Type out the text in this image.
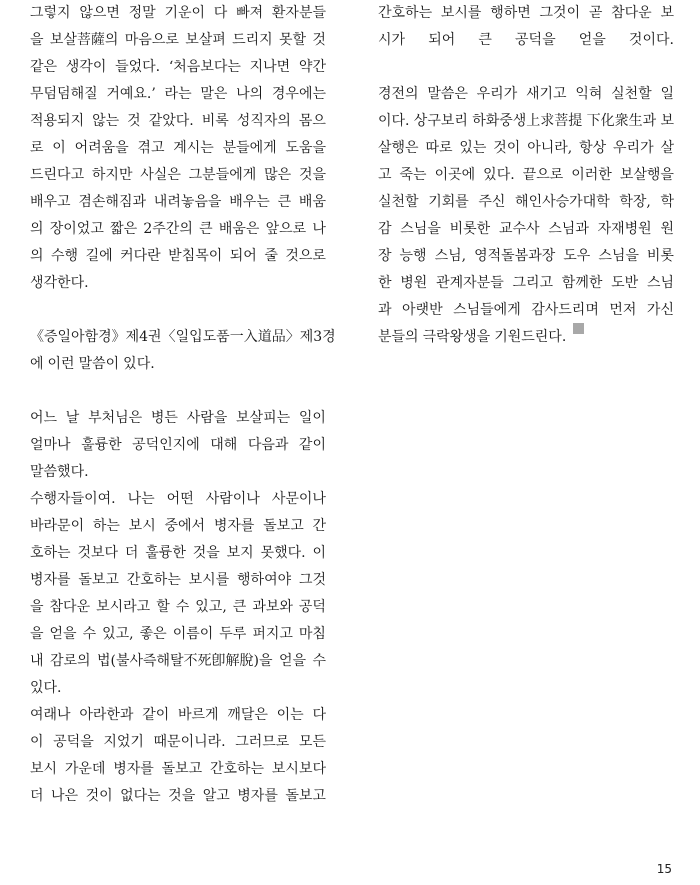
그렇지 않으면 정말 기운이 다 빠져 환자분들
을 보살菩薩의 마음으로 보살펴 드리지 못할 것
같은 생각이 들었다. ‘처음보다는 지나면 약간
무덤덤해질 거예요.’ 라는 말은 나의 경우에는
적용되지 않는 것 같았다. 비록 성직자의 몸으
로 이 어려움을 겪고 계시는 분들에게 도움을
드린다고 하지만 사실은 그분들에게 많은 것을
배우고 겸손해짐과 내려놓음을 배우는 큰 배움
의 장이었고 짧은 2주간의 큰 배움은 앞으로 나
의 수행 길에 커다란 받침목이 되어 줄 것으로
생각한다.
《증일아함경》 제4권 〈일입도품一入道品〉 제3경
에 이런 말씀이 있다.
어느 날 부처님은 병든 사람을 보살피는 일이
얼마나 훌륭한 공덕인지에 대해 다음과 같이
말씀했다.
수행자들이여. 나는 어떤 사람이나 사문이나
바라문이 하는 보시 중에서 병자를 돌보고 간
호하는 것보다 더 훌륭한 것을 보지 못했다. 이
병자를 돌보고 간호하는 보시를 행하여야 그것
을 참다운 보시라고 할 수 있고, 큰 과보와 공덕
을 얻을 수 있고, 좋은 이름이 두루 퍼지고 마침
내 감로의 법(불사즉해탈不死卽解脫)을 얻을 수
있다.
여래나 아라한과 같이 바르게 깨달은 이는 다
이 공덕을 지었기 때문이니라. 그러므로 모든
보시 가운데 병자를 돌보고 간호하는 보시보다
더 나은 것이 없다는 것을 알고 병자를 돌보고
간호하는 보시를 행하면 그것이 곧 참다운 보
시가 되어 큰 공덕을 얻을 것이다.
경전의 말씀은 우리가 새기고 익혀 실천할 일
이다. 상구보리 하화중생上求菩提 下化衆生과 보
살행은 따로 있는 것이 아니라, 항상 우리가 살
고 죽는 이곳에 있다. 끝으로 이러한 보살행을
실천할 기회를 주신 해인사승가대학 학장, 학
감 스님을 비롯한 교수사 스님과 자재병원 원
장 능행 스님, 영적돌봄과장 도우 스님을 비롯
한 병원 관계자분들 그리고 함께한 도반 스님
과 아랫반 스님들에게 감사드리며 먼저 가신
분들의 극락왕생을 기원드린다.
15
